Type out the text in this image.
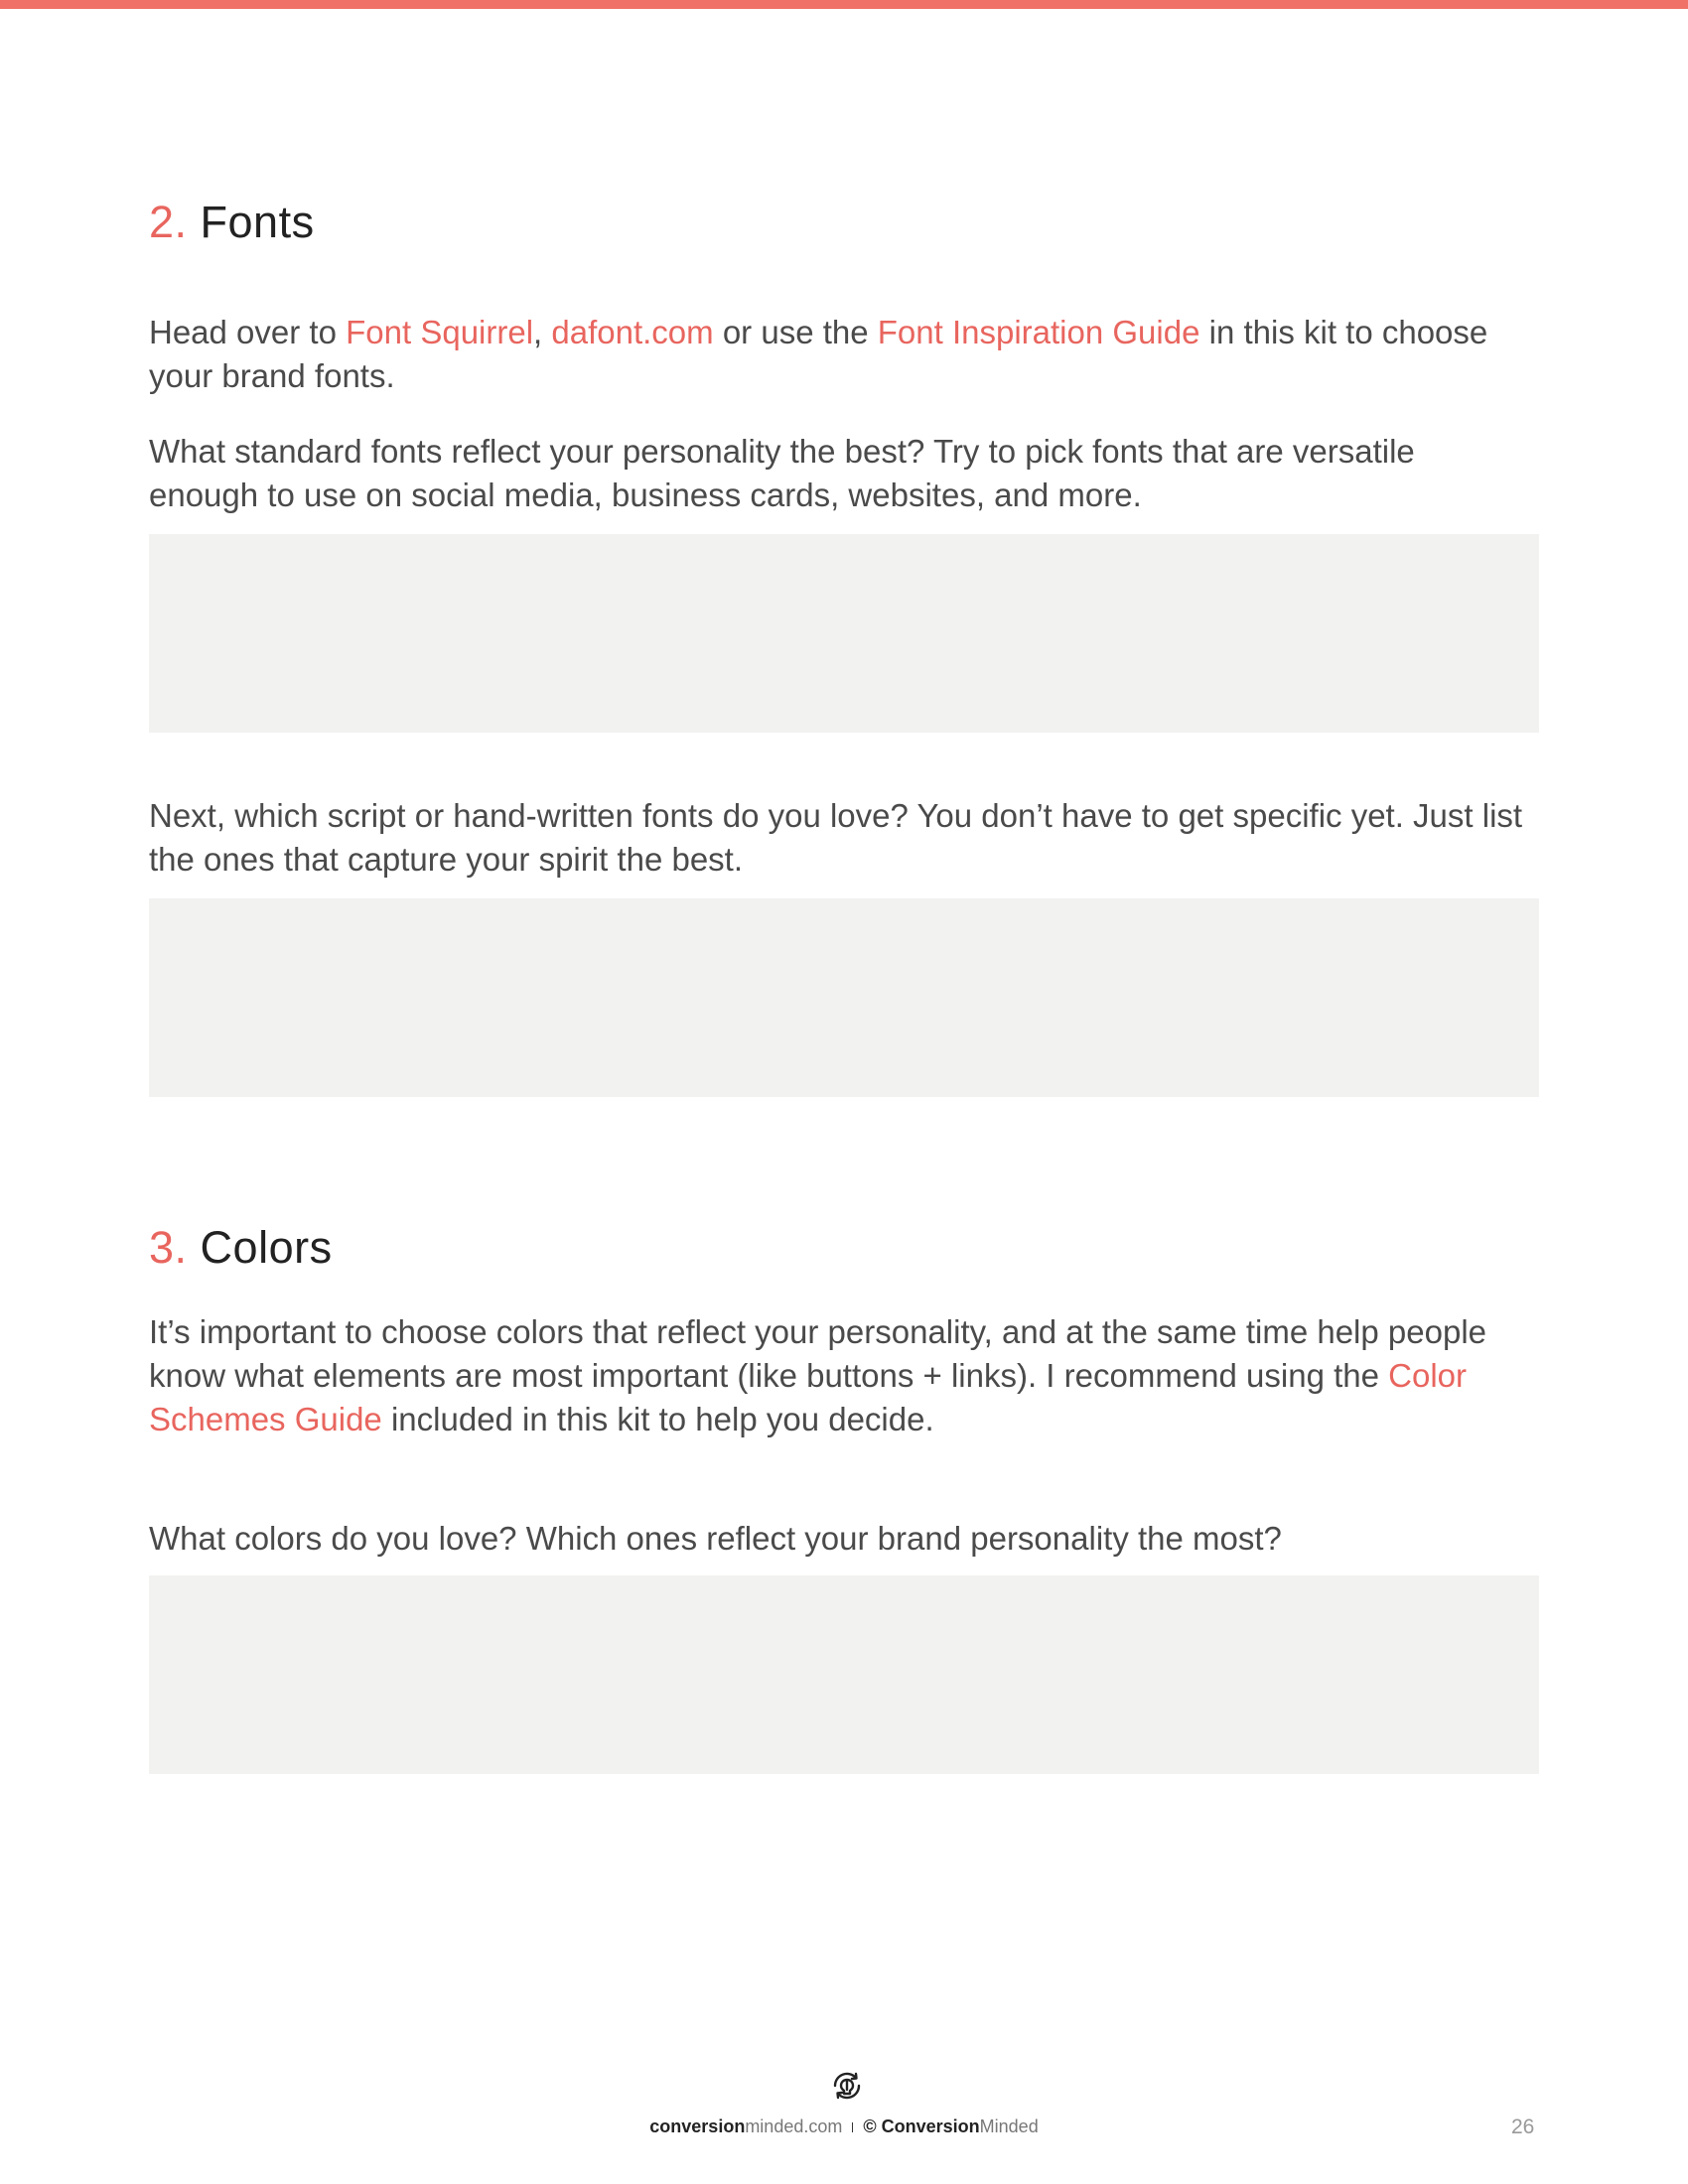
2. Fonts

Head over to Font Squirrel, dafont.com or use the Font Inspiration Guide in this kit to choose your brand fonts.

What standard fonts reflect your personality the best? Try to pick fonts that are versatile enough to use on social media, business cards, websites, and more.

Next, which script or hand-written fonts do you love? You don’t have to get specific yet. Just list the ones that capture your spirit the best.

3. Colors

It’s important to choose colors that reflect your personality, and at the same time help people know what elements are most important (like buttons + links). I recommend using the Color Schemes Guide included in this kit to help you decide.

What colors do you love? Which ones reflect your brand personality the most?

conversionminded.com © ConversionMinded	26
